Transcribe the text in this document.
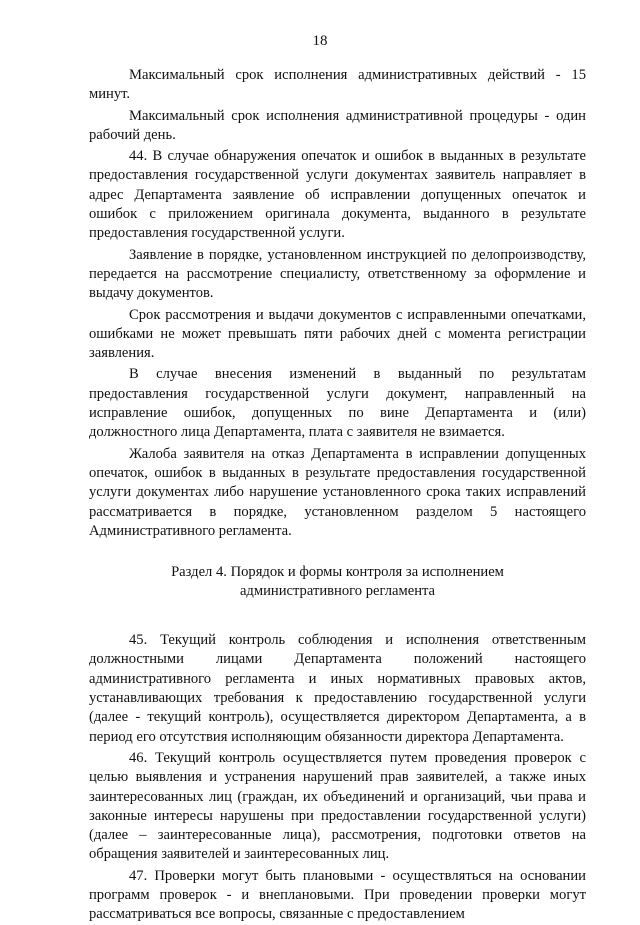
18

Максимальный срок исполнения административных действий - 15 минут.

Максимальный срок исполнения административной процедуры - один рабочий день.

44. В случае обнаружения опечаток и ошибок в выданных в результате предоставления государственной услуги документах заявитель направляет в адрес Департамента заявление об исправлении допущенных опечаток и ошибок с приложением оригинала документа, выданного в результате предоставления государственной услуги.

Заявление в порядке, установленном инструкцией по делопроизводству, передается на рассмотрение специалисту, ответственному за оформление и выдачу документов.

Срок рассмотрения и выдачи документов с исправленными опечатками, ошибками не может превышать пяти рабочих дней с момента регистрации заявления.

В случае внесения изменений в выданный по результатам предоставления государственной услуги документ, направленный на исправление ошибок, допущенных по вине Департамента и (или) должностного лица Департамента, плата с заявителя не взимается.

Жалоба заявителя на отказ Департамента в исправлении допущенных опечаток, ошибок в выданных в результате предоставления государственной услуги документах либо нарушение установленного срока таких исправлений рассматривается в порядке, установленном разделом 5 настоящего Административного регламента.

Раздел 4. Порядок и формы контроля за исполнением
административного регламента

45. Текущий контроль соблюдения и исполнения ответственным должностными лицами Департамента положений настоящего административного регламента и иных нормативных правовых актов, устанавливающих требования к предоставлению государственной услуги (далее - текущий контроль), осуществляется директором Департамента, а в период его отсутствия исполняющим обязанности директора Департамента.

46. Текущий контроль осуществляется путем проведения проверок с целью выявления и устранения нарушений прав заявителей, а также иных заинтересованных лиц (граждан, их объединений и организаций, чьи права и законные интересы нарушены при предоставлении государственной услуги) (далее – заинтересованные лица), рассмотрения, подготовки ответов на обращения заявителей и заинтересованных лиц.

47. Проверки могут быть плановыми - осуществляться на основании программ проверок - и внеплановыми. При проведении проверки могут рассматриваться все вопросы, связанные с предоставлением
